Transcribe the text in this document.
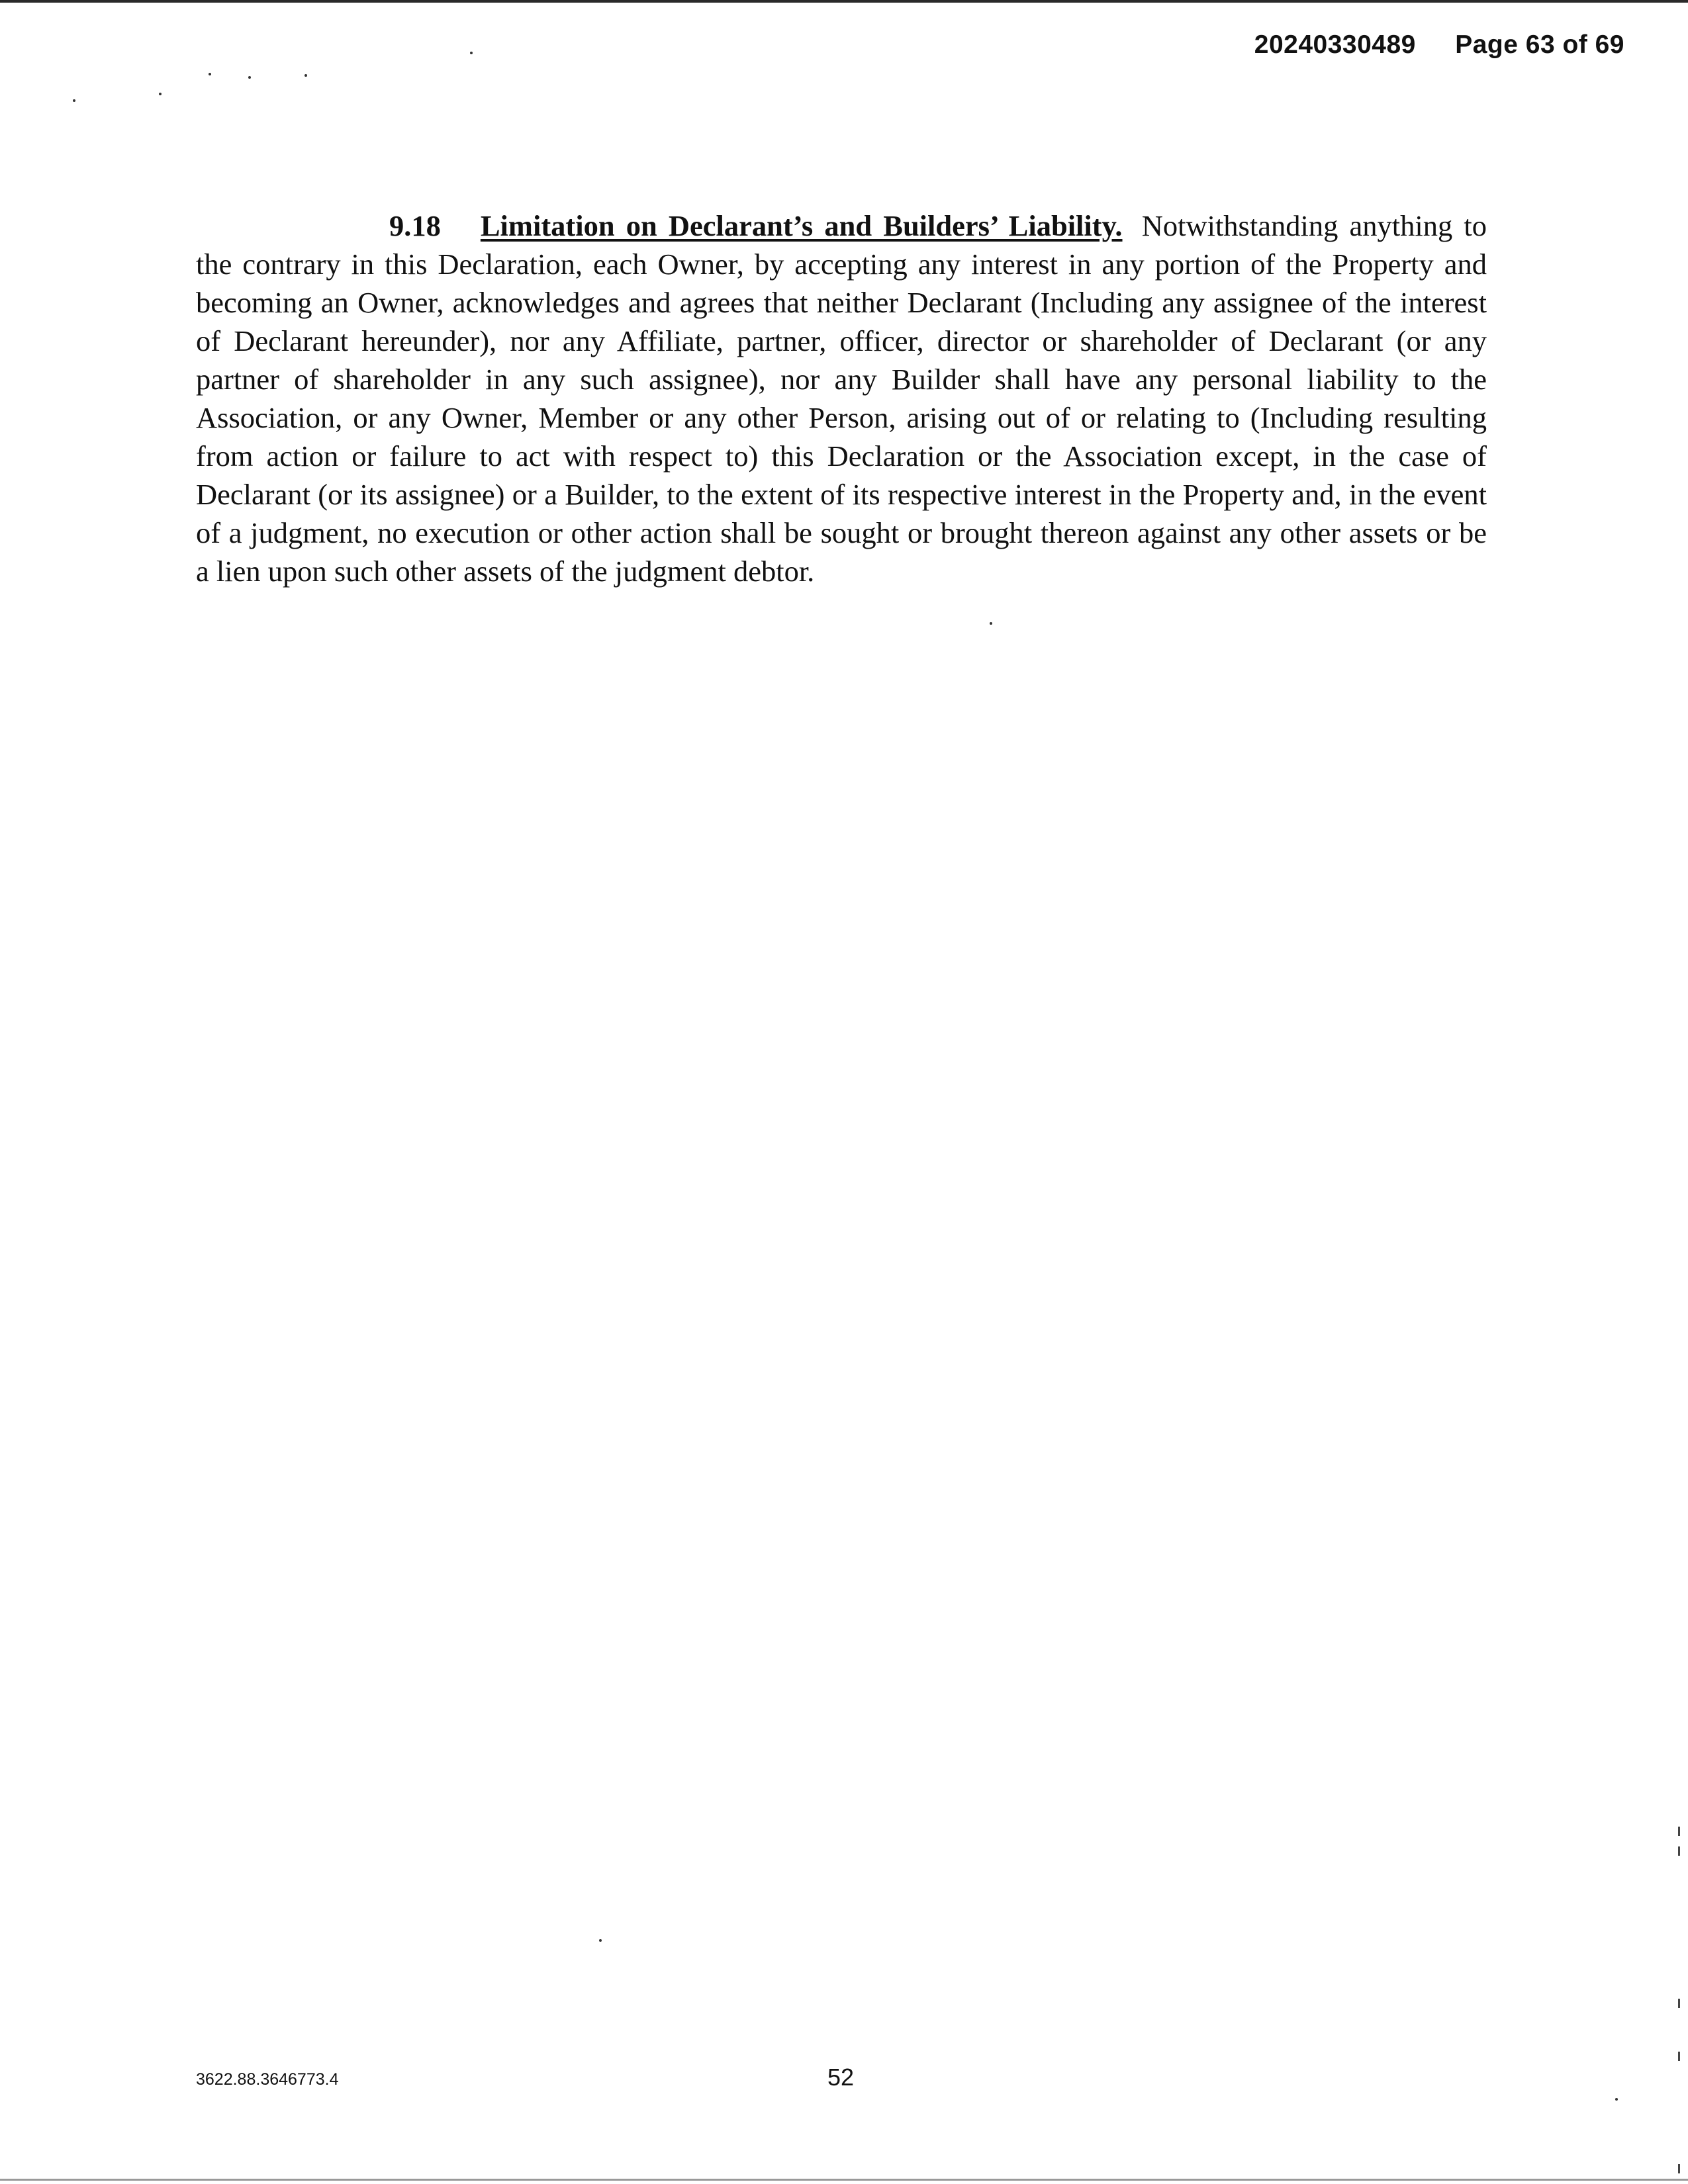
20240330489 Page 63 of 69
9.18 Limitation on Declarant’s and Builders’ Liability. Notwithstanding anything to the contrary in this Declaration, each Owner, by accepting any interest in any portion of the Property and becoming an Owner, acknowledges and agrees that neither Declarant (Including any assignee of the interest of Declarant hereunder), nor any Affiliate, partner, officer, director or shareholder of Declarant (or any partner of shareholder in any such assignee), nor any Builder shall have any personal liability to the Association, or any Owner, Member or any other Person, arising out of or relating to (Including resulting from action or failure to act with respect to) this Declaration or the Association except, in the case of Declarant (or its assignee) or a Builder, to the extent of its respective interest in the Property and, in the event of a judgment, no execution or other action shall be sought or brought thereon against any other assets or be a lien upon such other assets of the judgment debtor.
3622.88.3646773.4	52
